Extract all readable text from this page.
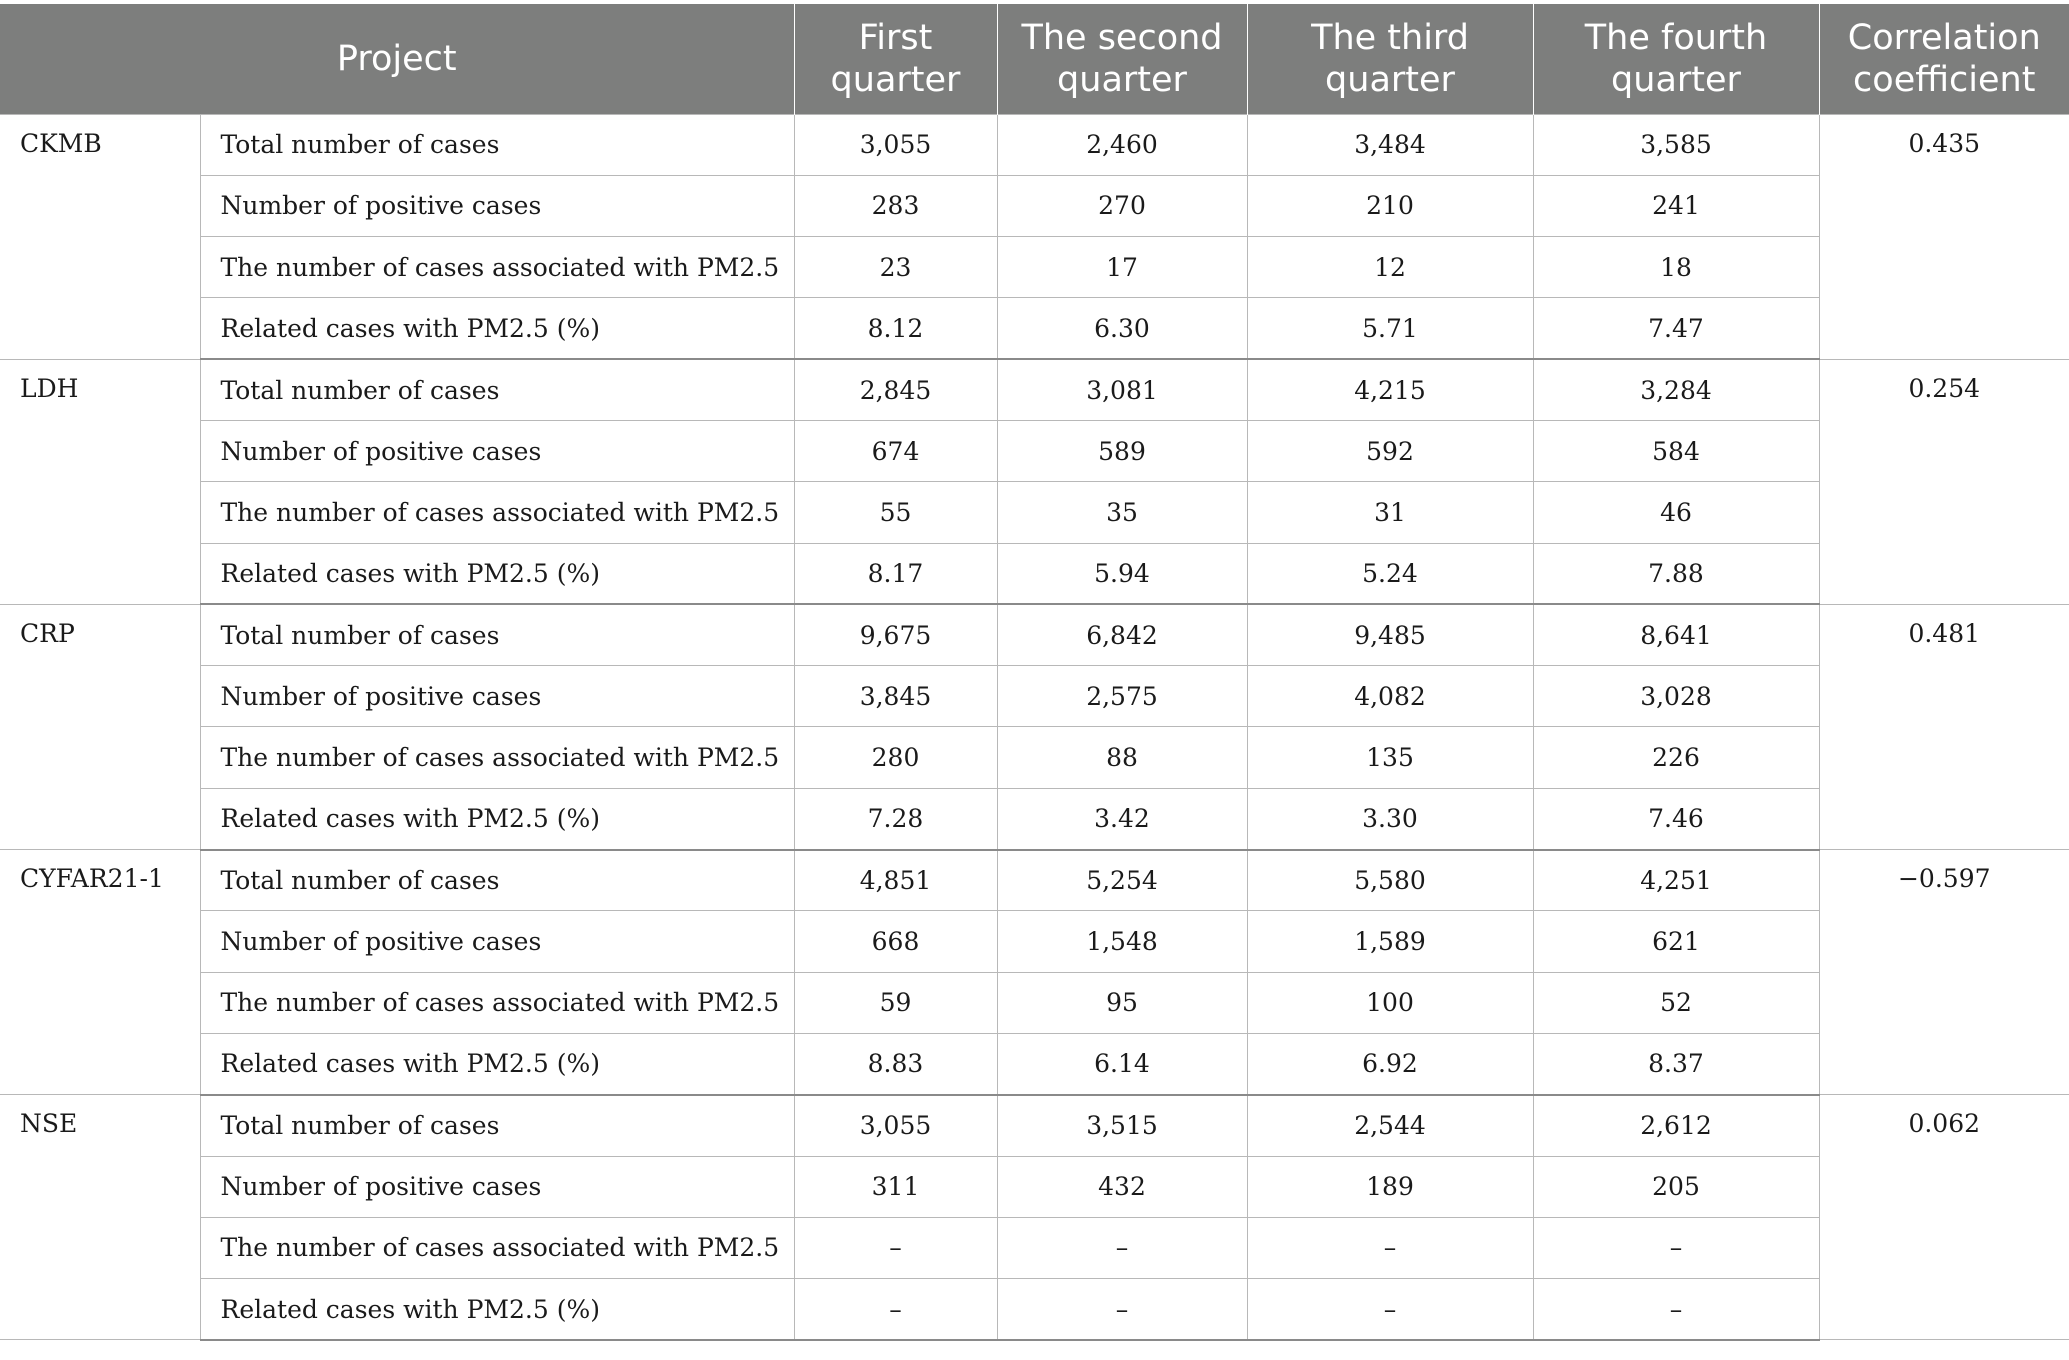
Project		First quarter	The second quarter	The third quarter	The fourth quarter	Correlation coefficient
CKMB	Total number of cases	3,055	2,460	3,484	3,585	0.435
	Number of positive cases	283	270	210	241	
	The number of cases associated with PM2.5	23	17	12	18	
	Related cases with PM2.5 (%)	8.12	6.30	5.71	7.47	
LDH	Total number of cases	2,845	3,081	4,215	3,284	0.254
	Number of positive cases	674	589	592	584	
	The number of cases associated with PM2.5	55	35	31	46	
	Related cases with PM2.5 (%)	8.17	5.94	5.24	7.88	
CRP	Total number of cases	9,675	6,842	9,485	8,641	0.481
	Number of positive cases	3,845	2,575	4,082	3,028	
	The number of cases associated with PM2.5	280	88	135	226	
	Related cases with PM2.5 (%)	7.28	3.42	3.30	7.46	
CYFAR21-1	Total number of cases	4,851	5,254	5,580	4,251	−0.597
	Number of positive cases	668	1,548	1,589	621	
	The number of cases associated with PM2.5	59	95	100	52	
	Related cases with PM2.5 (%)	8.83	6.14	6.92	8.37	
NSE	Total number of cases	3,055	3,515	2,544	2,612	0.062
	Number of positive cases	311	432	189	205	
	The number of cases associated with PM2.5	–	–	–	–	
	Related cases with PM2.5 (%)	–	–	–	–	
